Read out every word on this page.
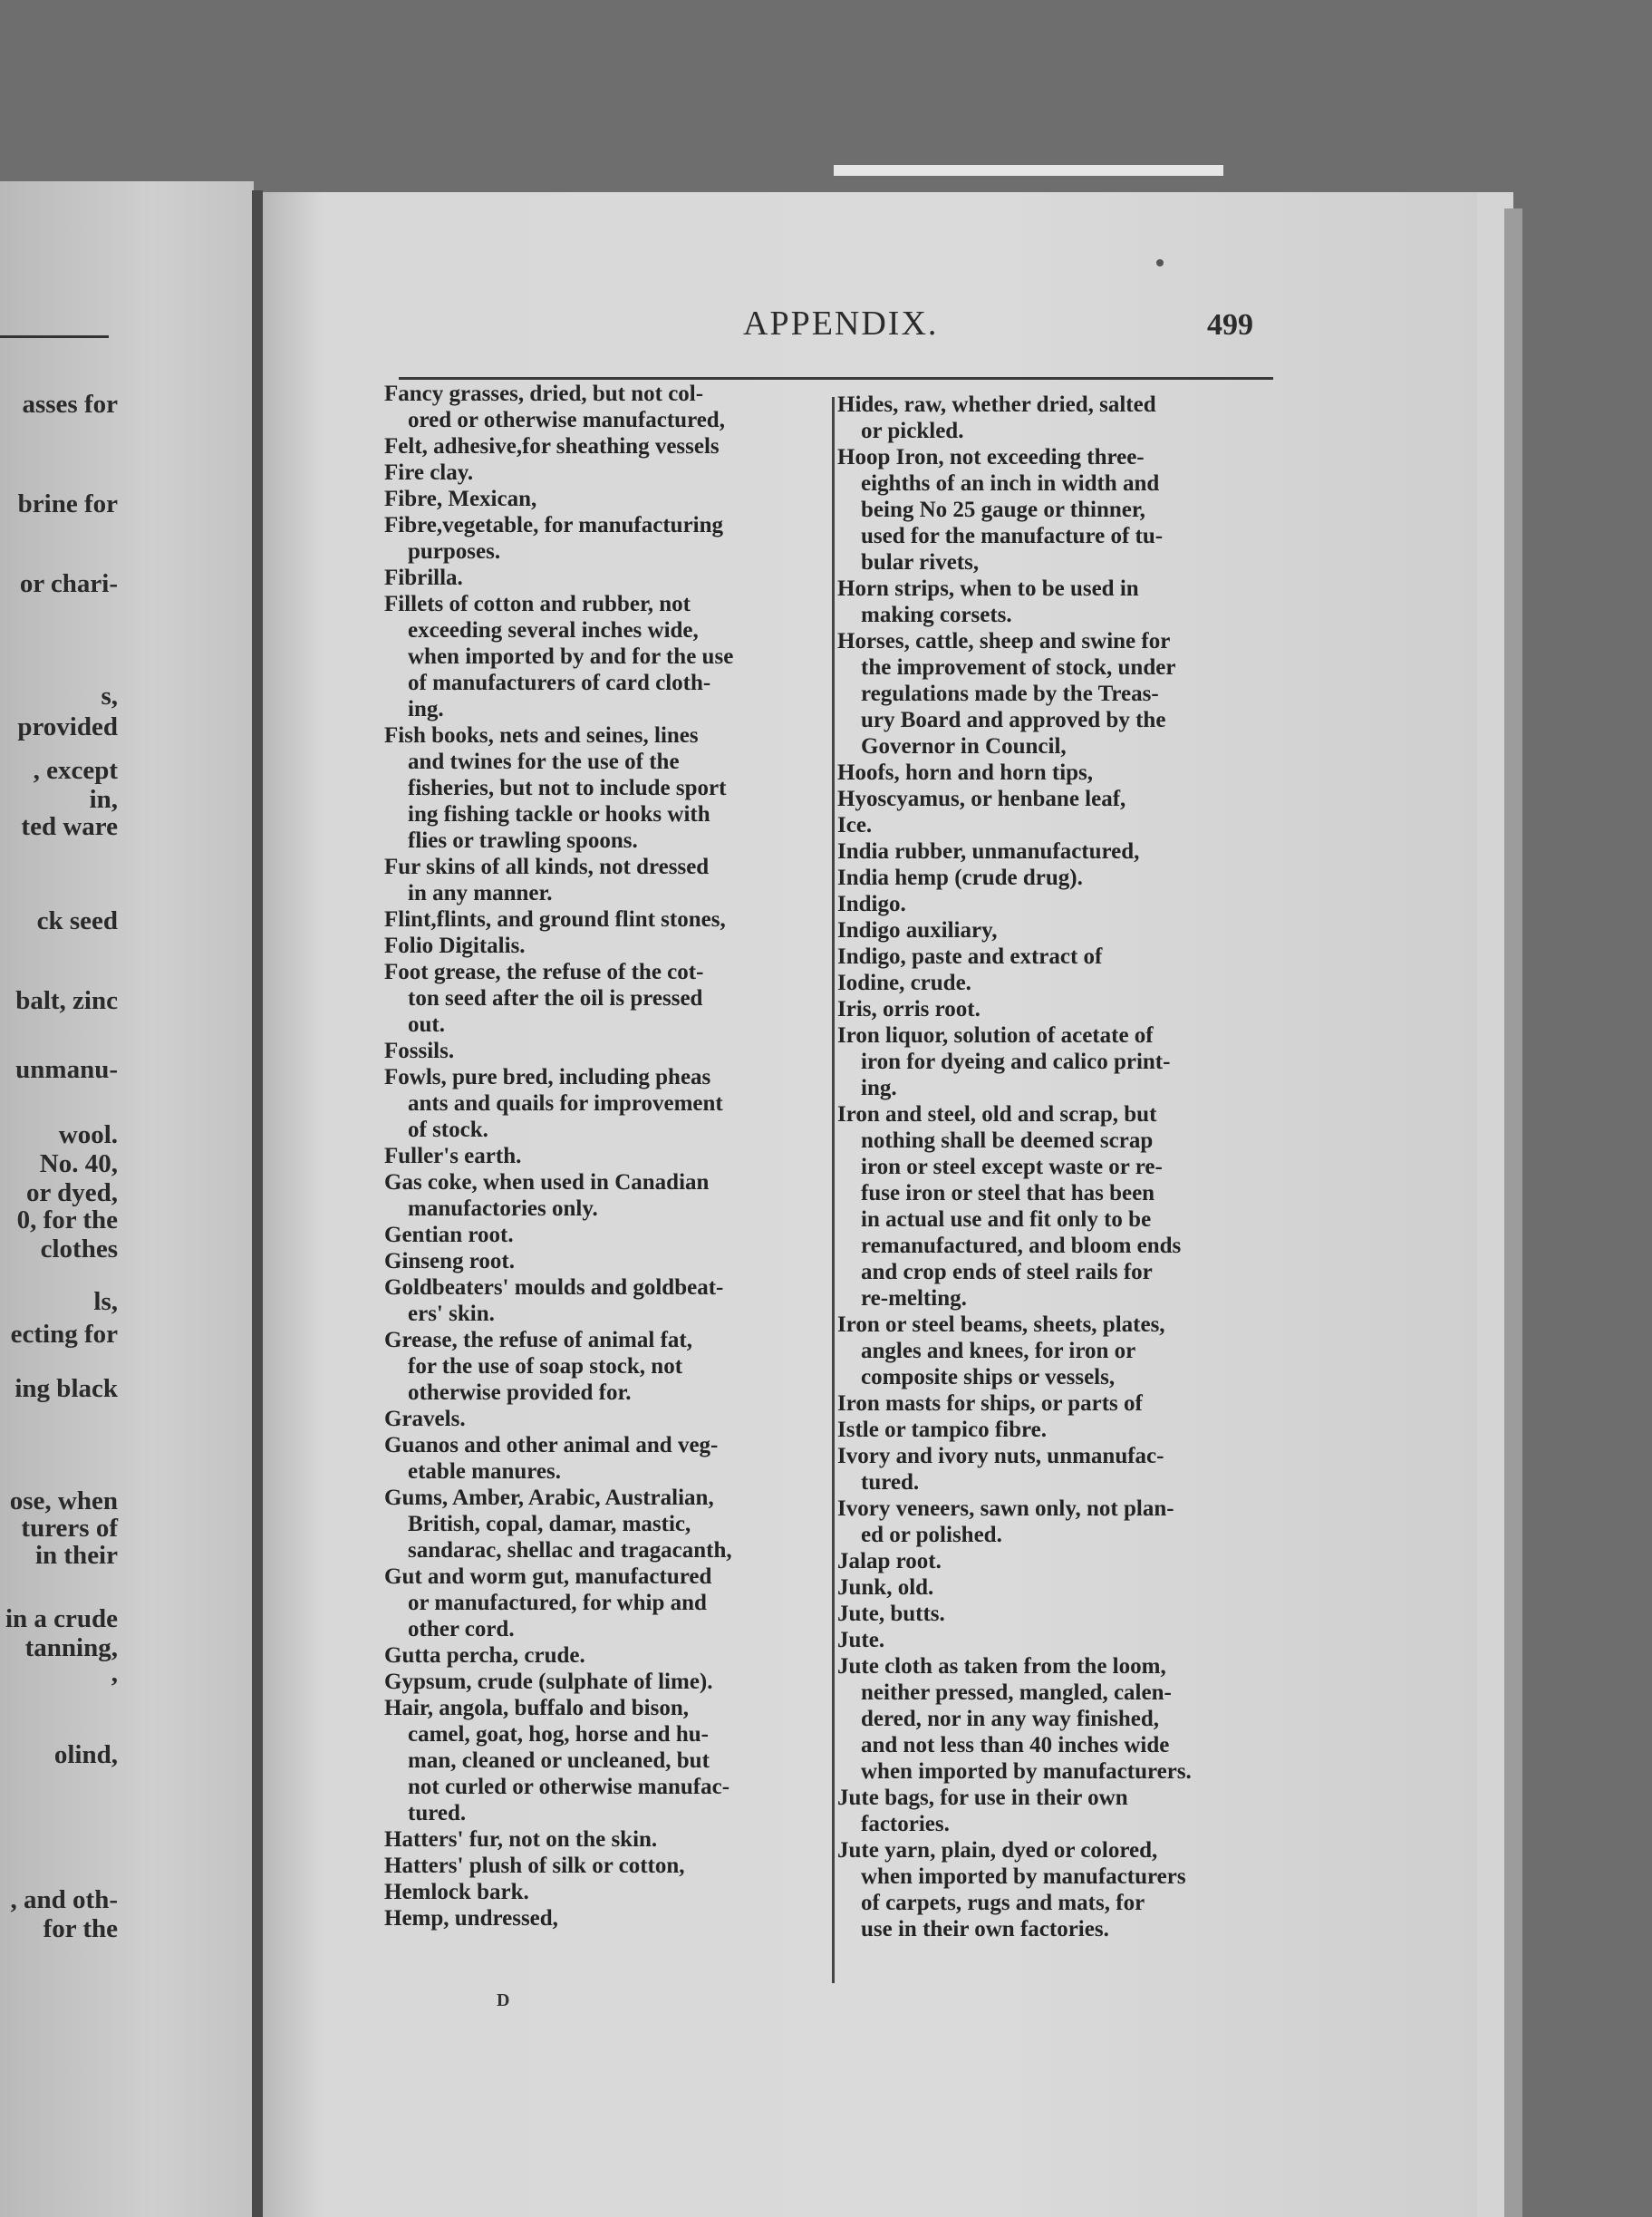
asses for
brine for
or chari-
s,
provided
, except
in,
ted ware
ck seed
balt, zinc
unmanu-
wool.
No. 40,
or dyed,
0, for the
clothes
ls,
ecting for
ing black
ose, when
turers of
in their
in a crude
tanning,
,
olind,
, and oth-
for the
APPENDIX.	499
Fancy grasses, dried, but not col-
ored or otherwise manufactured,
Felt, adhesive,for sheathing vessels
Fire clay.
Fibre, Mexican,
Fibre,vegetable, for manufacturing
purposes.
Fibrilla.
Fillets of cotton and rubber, not
exceeding several inches wide,
when imported by and for the use
of manufacturers of card cloth-
ing.
Fish books, nets and seines, lines
and twines for the use of the
fisheries, but not to include sport
ing fishing tackle or hooks with
flies or trawling spoons.
Fur skins of all kinds, not dressed
in any manner.
Flint,flints, and ground flint stones,
Folio Digitalis.
Foot grease, the refuse of the cot-
ton seed after the oil is pressed
out.
Fossils.
Fowls, pure bred, including pheas
ants and quails for improvement
of stock.
Fuller's earth.
Gas coke, when used in Canadian
manufactories only.
Gentian root.
Ginseng root.
Goldbeaters' moulds and goldbeat-
ers' skin.
Grease, the refuse of animal fat,
for the use of soap stock, not
otherwise provided for.
Gravels.
Guanos and other animal and veg-
etable manures.
Gums, Amber, Arabic, Australian,
British, copal, damar, mastic,
sandarac, shellac and tragacanth,
Gut and worm gut, manufactured
or manufactured, for whip and
other cord.
Gutta percha, crude.
Gypsum, crude (sulphate of lime).
Hair, angola, buffalo and bison,
camel, goat, hog, horse and hu-
man, cleaned or uncleaned, but
not curled or otherwise manufac-
tured.
Hatters' fur, not on the skin.
Hatters' plush of silk or cotton,
Hemlock bark.
Hemp, undressed,
Hides, raw, whether dried, salted
or pickled.
Hoop Iron, not exceeding three-
eighths of an inch in width and
being No 25 gauge or thinner,
used for the manufacture of tu-
bular rivets,
Horn strips, when to be used in
making corsets.
Horses, cattle, sheep and swine for
the improvement of stock, under
regulations made by the Treas-
ury Board and approved by the
Governor in Council,
Hoofs, horn and horn tips,
Hyoscyamus, or henbane leaf,
Ice.
India rubber, unmanufactured,
India hemp (crude drug).
Indigo.
Indigo auxiliary,
Indigo, paste and extract of
Iodine, crude.
Iris, orris root.
Iron liquor, solution of acetate of
iron for dyeing and calico print-
ing.
Iron and steel, old and scrap, but
nothing shall be deemed scrap
iron or steel except waste or re-
fuse iron or steel that has been
in actual use and fit only to be
remanufactured, and bloom ends
and crop ends of steel rails for
re-melting.
Iron or steel beams, sheets, plates,
angles and knees, for iron or
composite ships or vessels,
Iron masts for ships, or parts of
Istle or tampico fibre.
Ivory and ivory nuts, unmanufac-
tured.
Ivory veneers, sawn only, not plan-
ed or polished.
Jalap root.
Junk, old.
Jute, butts.
Jute.
Jute cloth as taken from the loom,
neither pressed, mangled, calen-
dered, nor in any way finished,
and not less than 40 inches wide
when imported by manufacturers.
Jute bags, for use in their own
factories.
Jute yarn, plain, dyed or colored,
when imported by manufacturers
of carpets, rugs and mats, for
use in their own factories.
D
